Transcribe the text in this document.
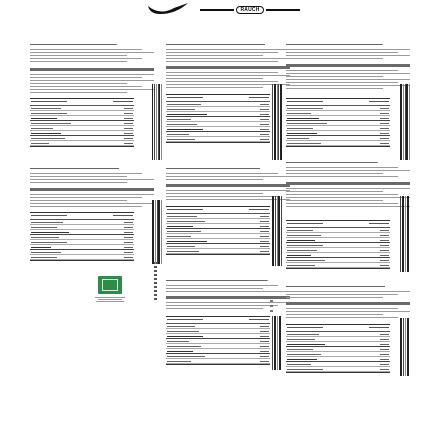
RAUCH
